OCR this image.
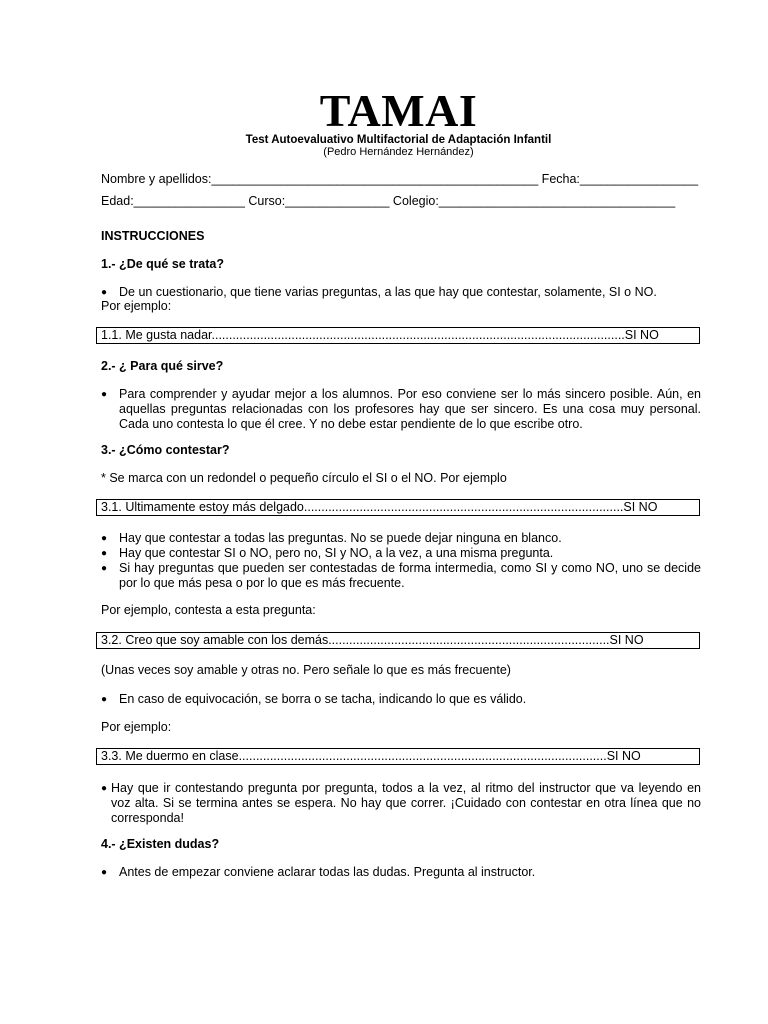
TAMAI
Test Autoevaluativo Multifactorial de Adaptación Infantil
(Pedro Hernández Hernández)
Nombre y apellidos:_______________________________________________ Fecha:_________________
Edad:________________ Curso:_______________ Colegio:__________________________________
INSTRUCCIONES
1.- ¿De qué se trata?
● De un cuestionario, que tiene varias preguntas, a las que hay que contestar, solamente, SI o NO.
Por ejemplo:
1.1. Me gusta nadar.......................................................................................................................SI NO
2.- ¿ Para qué sirve?
● Para comprender y ayudar mejor a los alumnos. Por eso conviene ser lo más sincero posible. Aún, en aquellas preguntas relacionadas con los profesores hay que ser sincero. Es una cosa muy personal. Cada uno contesta lo que él cree. Y no debe estar pendiente de lo que escribe otro.
3.- ¿Cómo contestar?
* Se marca con un redondel o pequeño círculo el SI o el NO. Por ejemplo
3.1. Ultimamente estoy más delgado............................................................................................SI NO
● Hay que contestar a todas las preguntas. No se puede dejar ninguna en blanco.
● Hay que contestar SI o NO, pero no, SI y NO, a la vez, a una misma pregunta.
● Si hay preguntas que pueden ser contestadas de forma intermedia, como SI y como NO, uno se decide por lo que más pesa o por lo que es más frecuente.
Por ejemplo, contesta a esta pregunta:
3.2. Creo que soy amable con los demás.................................................................................SI NO
(Unas veces soy amable y otras no. Pero señale lo que es más frecuente)
● En caso de equivocación, se borra o se tacha, indicando lo que es válido.
Por ejemplo:
3.3. Me duermo en clase..........................................................................................................SI NO
● Hay que ir contestando pregunta por pregunta, todos a la vez, al ritmo del instructor que va leyendo en voz alta. Si se termina antes se espera. No hay que correr. ¡Cuidado con contestar en otra línea que no corresponda!
4.- ¿Existen dudas?
● Antes de empezar conviene aclarar todas las dudas. Pregunta al instructor.
